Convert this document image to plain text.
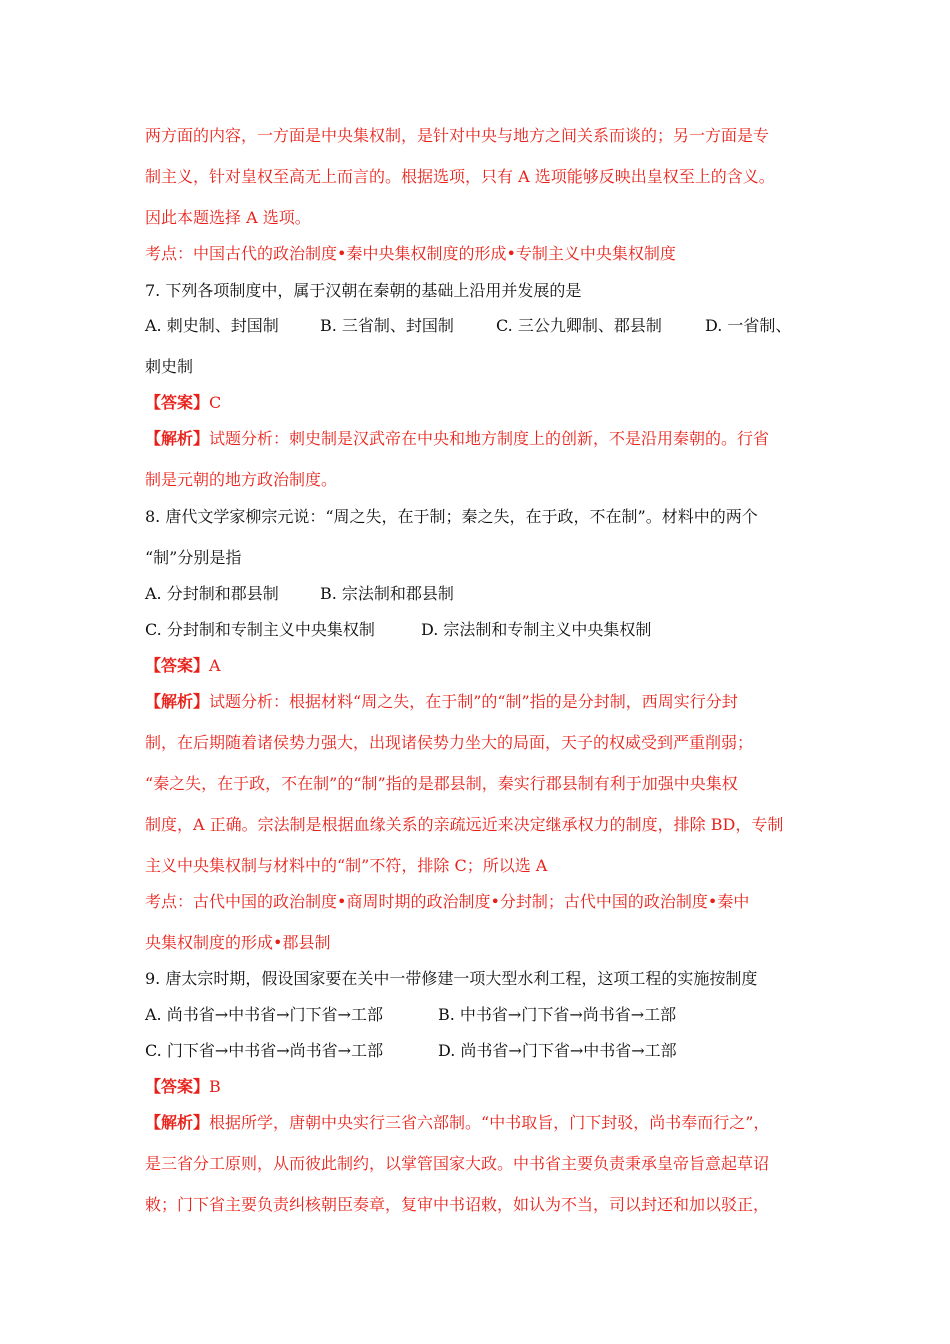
两方面的内容，一方面是中央集权制，是针对中央与地方之间关系而谈的；另一方面是专
制主义，针对皇权至高无上而言的。根据选项，只有 A 选项能够反映出皇权至上的含义。
因此本题选择 A 选项。
考点：中国古代的政治制度•秦中央集权制度的形成•专制主义中央集权制度
7. 下列各项制度中，属于汉朝在秦朝的基础上沿用并发展的是
A. 刺史制、封国制	B. 三省制、封国制	C. 三公九卿制、郡县制	D. 一省制、
刺史制
【答案】C
【解析】试题分析：刺史制是汉武帝在中央和地方制度上的创新，不是沿用秦朝的。行省
制是元朝的地方政治制度。
8. 唐代文学家柳宗元说：“周之失，在于制；秦之失，在于政，不在制”。材料中的两个
“制”分别是指
A. 分封制和郡县制	B. 宗法制和郡县制
C. 分封制和专制主义中央集权制	D. 宗法制和专制主义中央集权制
【答案】A
【解析】试题分析：根据材料“周之失，在于制”的“制”指的是分封制，西周实行分封
制，在后期随着诸侯势力强大，出现诸侯势力坐大的局面，天子的权威受到严重削弱；
“秦之失，在于政，不在制”的“制”指的是郡县制，秦实行郡县制有利于加强中央集权
制度，A 正确。宗法制是根据血缘关系的亲疏远近来决定继承权力的制度，排除 BD，专制
主义中央集权制与材料中的“制”不符，排除 C；所以选 A
考点：古代中国的政治制度•商周时期的政治制度•分封制；古代中国的政治制度•秦中
央集权制度的形成•郡县制
9. 唐太宗时期，假设国家要在关中一带修建一项大型水利工程，这项工程的实施按制度
A. 尚书省→中书省→门下省→工部	B. 中书省→门下省→尚书省→工部
C. 门下省→中书省→尚书省→工部	D. 尚书省→门下省→中书省→工部
【答案】B
【解析】根据所学，唐朝中央实行三省六部制。“中书取旨，门下封驳，尚书奉而行之”，
是三省分工原则，从而彼此制约，以掌管国家大政。中书省主要负责秉承皇帝旨意起草诏
敕；门下省主要负责纠核朝臣奏章，复审中书诏敕，如认为不当，司以封还和加以驳正，
